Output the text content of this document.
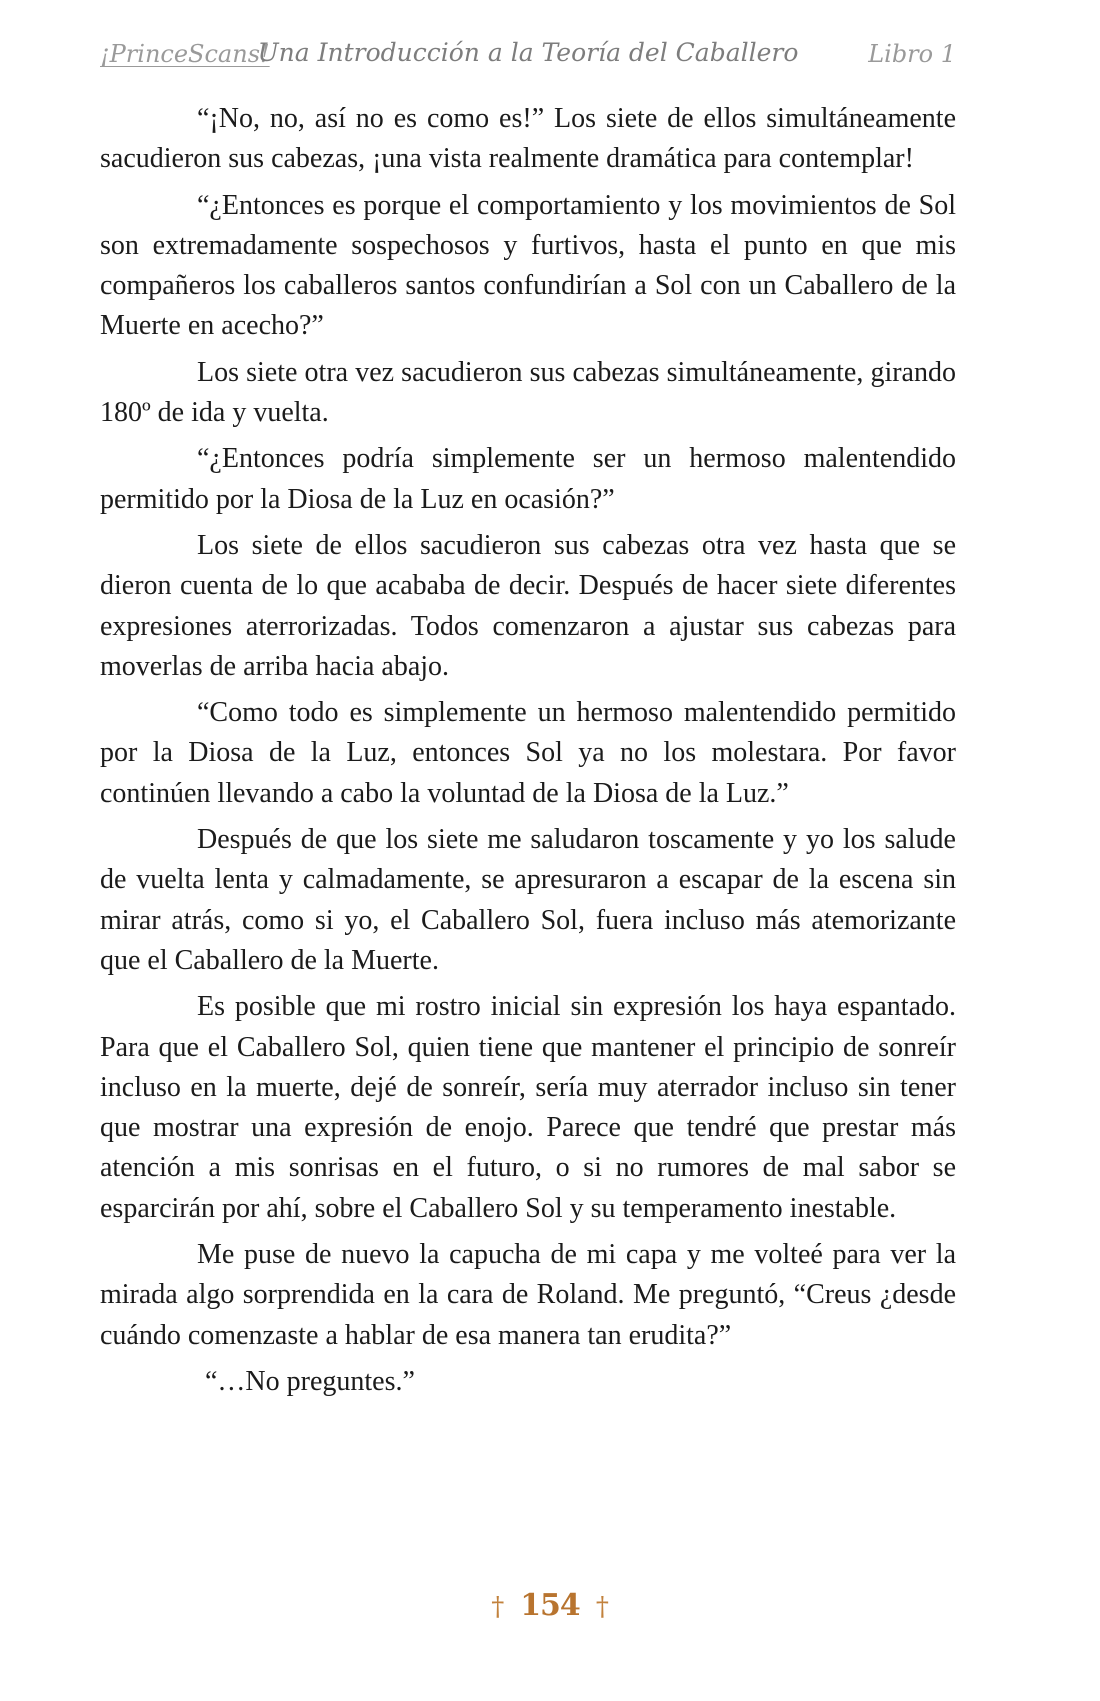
¡PrinceScans!
Una Introducción a la Teoría del Caballero	Libro 1

“¡No, no, así no es como es!” Los siete de ellos simultáneamente sacudieron sus cabezas, ¡una vista realmente dramática para contemplar!

“¿Entonces es porque el comportamiento y los movimientos de Sol son extremadamente sospechosos y furtivos, hasta el punto en que mis compañeros los caballeros santos confundirían a Sol con un Caballero de la Muerte en acecho?”

Los siete otra vez sacudieron sus cabezas simultáneamente, girando 180º de ida y vuelta.

“¿Entonces podría simplemente ser un hermoso malentendido permitido por la Diosa de la Luz en ocasión?”

Los siete de ellos sacudieron sus cabezas otra vez hasta que se dieron cuenta de lo que acababa de decir. Después de hacer siete diferentes expresiones aterrorizadas. Todos comenzaron a ajustar sus cabezas para moverlas de arriba hacia abajo.

“Como todo es simplemente un hermoso malentendido permitido por la Diosa de la Luz, entonces Sol ya no los molestara. Por favor continúen llevando a cabo la voluntad de la Diosa de la Luz.”

Después de que los siete me saludaron toscamente y yo los salude de vuelta lenta y calmadamente, se apresuraron a escapar de la escena sin mirar atrás, como si yo, el Caballero Sol, fuera incluso más atemorizante que el Caballero de la Muerte.

Es posible que mi rostro inicial sin expresión los haya espantado. Para que el Caballero Sol, quien tiene que mantener el principio de sonreír incluso en la muerte, dejé de sonreír, sería muy aterrador incluso sin tener que mostrar una expresión de enojo. Parece que tendré que prestar más atención a mis sonrisas en el futuro, o si no rumores de mal sabor se esparcirán por ahí, sobre el Caballero Sol y su temperamento inestable.

Me puse de nuevo la capucha de mi capa y me volteé para ver la mirada algo sorprendida en la cara de Roland. Me preguntó, “Creus ¿desde cuándo comenzaste a hablar de esa manera tan erudita?”

“…No preguntes.”

† 154 †
